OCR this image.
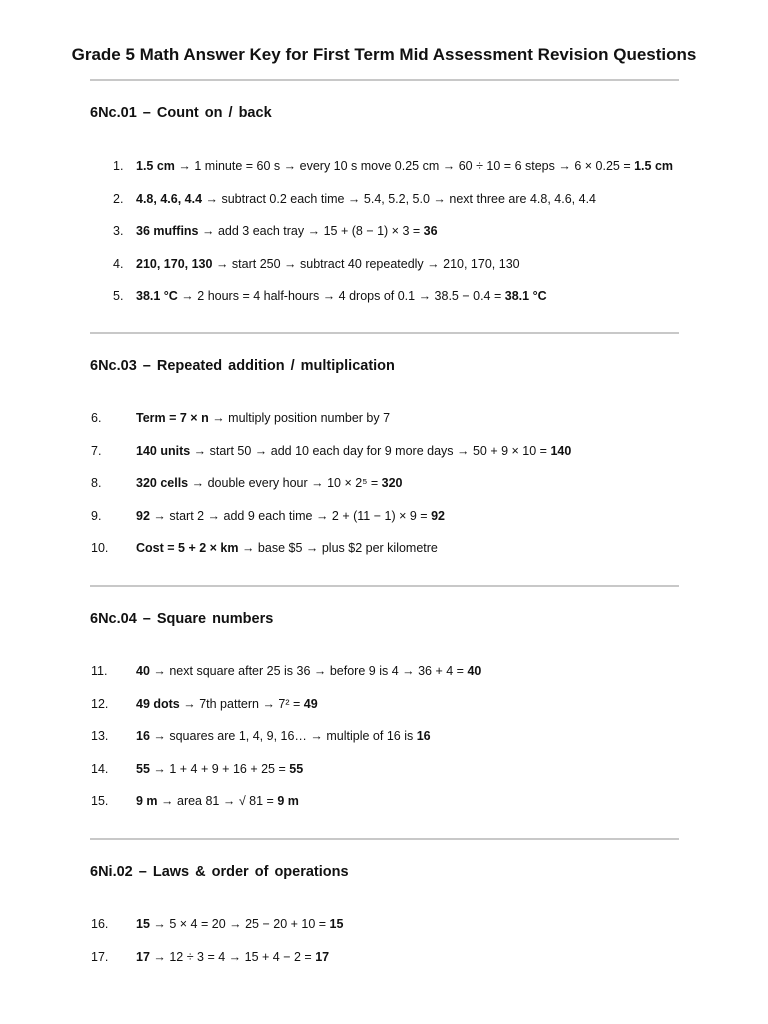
Grade 5 Math Answer Key for First Term Mid Assessment Revision Questions
6Nc.01 – Count on / back
1. 1.5 cm → 1 minute = 60 s → every 10 s move 0.25 cm → 60 ÷ 10 = 6 steps → 6 × 0.25 = 1.5 cm
2. 4.8, 4.6, 4.4 → subtract 0.2 each time → 5.4, 5.2, 5.0 → next three are 4.8, 4.6, 4.4
3. 36 muffins → add 3 each tray → 15 + (8 − 1) × 3 = 36
4. 210, 170, 130 → start 250 → subtract 40 repeatedly → 210, 170, 130
5. 38.1 °C → 2 hours = 4 half-hours → 4 drops of 0.1 → 38.5 − 0.4 = 38.1 °C
6Nc.03 – Repeated addition / multiplication
6.	Term = 7 × n → multiply position number by 7
7.	140 units → start 50 → add 10 each day for 9 more days → 50 + 9 × 10 = 140
8.	320 cells → double every hour → 10 × 2⁵ = 320
9.	92 → start 2 → add 9 each time → 2 + (11 − 1) × 9 = 92
10. Cost = 5 + 2 × km → base $5 → plus $2 per kilometre
6Nc.04 – Square numbers
11. 40 → next square after 25 is 36 → before 9 is 4 → 36 + 4 = 40
12. 49 dots → 7th pattern → 7² = 49
13. 16 → squares are 1, 4, 9, 16… → multiple of 16 is 16
14. 55 → 1 + 4 + 9 + 16 + 25 = 55
15. 9 m → area 81 → √ 81 = 9 m
6Ni.02 – Laws & order of operations
16. 15 → 5 × 4 = 20 → 25 − 20 + 10 = 15
17. 17 → 12 ÷ 3 = 4 → 15 + 4 − 2 = 17
